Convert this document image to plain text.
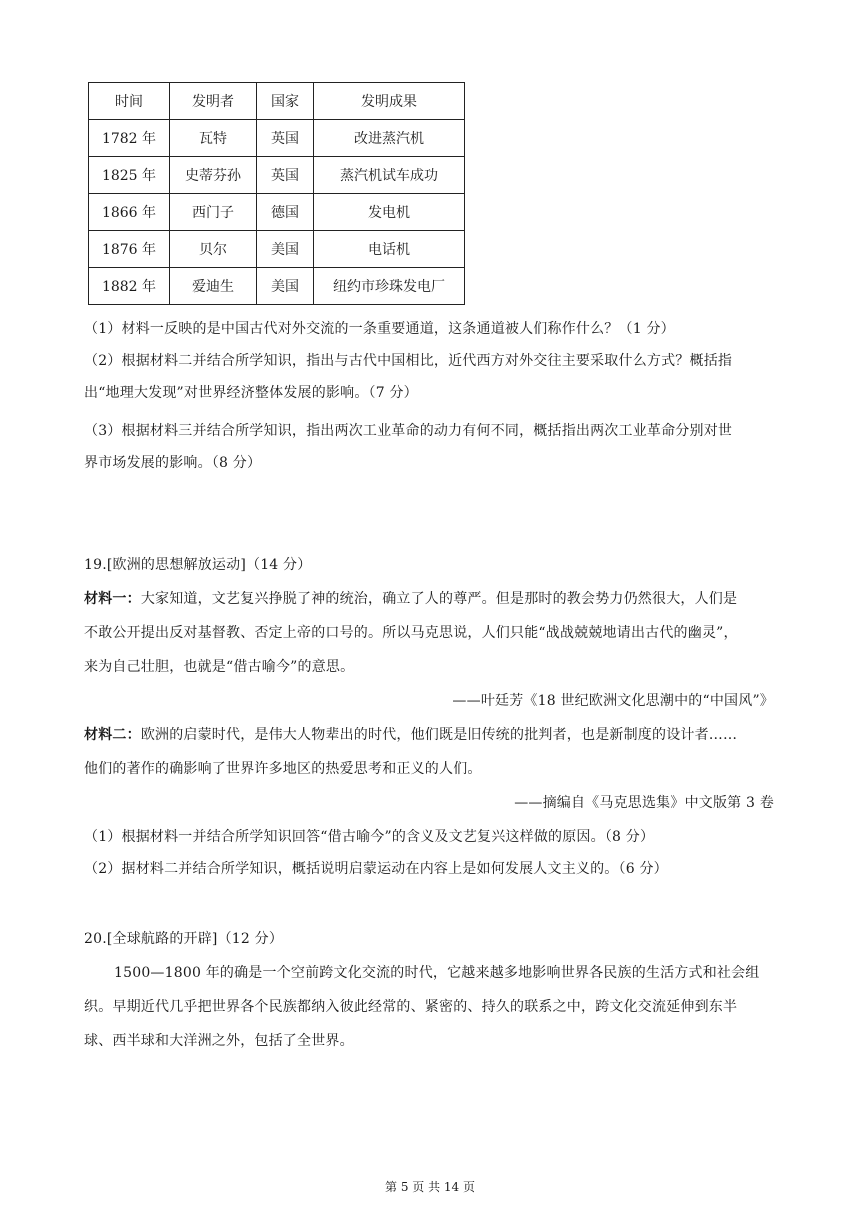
时间	发明者	国家	发明成果
1782 年	瓦特	英国	改进蒸汽机
1825 年	史蒂芬孙	英国	蒸汽机试车成功
1866 年	西门子	德国	发电机
1876 年	贝尔	美国	电话机
1882 年	爱迪生	美国	纽约市珍珠发电厂
（1）材料一反映的是中国古代对外交流的一条重要通道，这条通道被人们称作什么？（1 分）
（2）根据材料二并结合所学知识，指出与古代中国相比，近代西方对外交往主要采取什么方式？概括指
出“地理大发现”对世界经济整体发展的影响。（7 分）
（3）根据材料三并结合所学知识，指出两次工业革命的动力有何不同，概括指出两次工业革命分别对世
界市场发展的影响。（8 分）
19.[欧洲的思想解放运动]（14 分）
材料一：大家知道，文艺复兴挣脱了神的统治，确立了人的尊严。但是那时的教会势力仍然很大，人们是
不敢公开提出反对基督教、否定上帝的口号的。所以马克思说，人们只能“战战兢兢地请出古代的幽灵”，
来为自己壮胆，也就是“借古喻今”的意思。
——叶廷芳《18 世纪欧洲文化思潮中的“中国风”》
材料二：欧洲的启蒙时代，是伟大人物辈出的时代，他们既是旧传统的批判者，也是新制度的设计者……
他们的著作的确影响了世界许多地区的热爱思考和正义的人们。
——摘编自《马克思选集》中文版第 3 卷
（1）根据材料一并结合所学知识回答“借古喻今”的含义及文艺复兴这样做的原因。（8 分）
（2）据材料二并结合所学知识，概括说明启蒙运动在内容上是如何发展人文主义的。（6 分）
20.[全球航路的开辟]（12 分）
1500—1800 年的确是一个空前跨文化交流的时代，它越来越多地影响世界各民族的生活方式和社会组
织。早期近代几乎把世界各个民族都纳入彼此经常的、紧密的、持久的联系之中，跨文化交流延伸到东半
球、西半球和大洋洲之外，包括了全世界。
第 5 页 共 14 页
